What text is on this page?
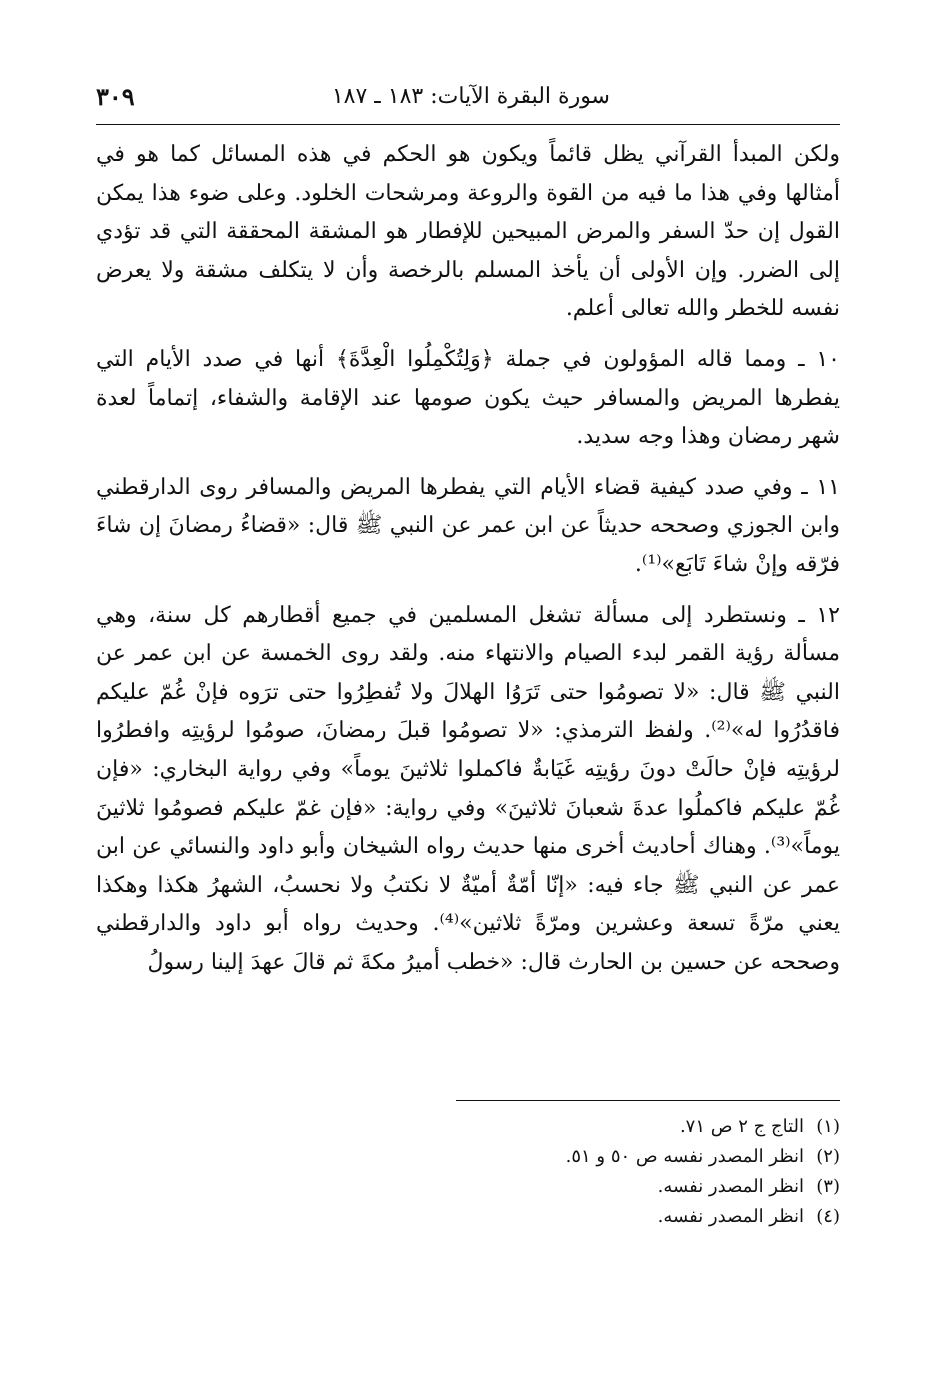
سورة البقرة الآيات: ١٨٣ ـ ١٨٧
٣٠٩

ولكن المبدأ القرآني يظل قائماً ويكون هو الحكم في هذه المسائل كما هو في أمثالها وفي هذا ما فيه من القوة والروعة ومرشحات الخلود. وعلى ضوء هذا يمكن القول إن حدّ السفر والمرض المبيحين للإفطار هو المشقة المحققة التي قد تؤدي إلى الضرر. وإن الأولى أن يأخذ المسلم بالرخصة وأن لا يتكلف مشقة ولا يعرض نفسه للخطر والله تعالى أعلم.

١٠ ـ ومما قاله المؤولون في جملة ﴿وَلِتُكْمِلُوا الْعِدَّةَ﴾ أنها في صدد الأيام التي يفطرها المريض والمسافر حيث يكون صومها عند الإقامة والشفاء، إتماماً لعدة شهر رمضان وهذا وجه سديد.

١١ ـ وفي صدد كيفية قضاء الأيام التي يفطرها المريض والمسافر روى الدارقطني وابن الجوزي وصححه حديثاً عن ابن عمر عن النبي ﷺ قال: «قضاءُ رمضانَ إن شاءَ فرّقه وإنْ شاءَ تَابَع»⁽¹⁾.

١٢ ـ ونستطرد إلى مسألة تشغل المسلمين في جميع أقطارهم كل سنة، وهي مسألة رؤية القمر لبدء الصيام والانتهاء منه. ولقد روى الخمسة عن ابن عمر عن النبي ﷺ قال: «لا تصومُوا حتى تَرَوُا الهلالَ ولا تُفطِرُوا حتى ترَوه فإنْ غُمّ عليكم فاقدُرُوا له»⁽²⁾. ولفظ الترمذي: «لا تصومُوا قبلَ رمضانَ، صومُوا لرؤيتِه وافطرُوا لرؤيتِه فإنْ حالَتْ دونَ رؤيتِه غَيَابةٌ فاكملوا ثلاثينَ يوماً» وفي رواية البخاري: «فإن غُمّ عليكم فاكملُوا عدةَ شعبانَ ثلاثينَ» وفي رواية: «فإن غمّ عليكم فصومُوا ثلاثينَ يوماً»⁽³⁾. وهناك أحاديث أخرى منها حديث رواه الشيخان وأبو داود والنسائي عن ابن عمر عن النبي ﷺ جاء فيه: «إنّا أمّةٌ أميّةٌ لا نكتبُ ولا نحسبُ، الشهرُ هكذا وهكذا يعني مرّةً تسعة وعشرين ومرّةً ثلاثين»⁽⁴⁾. وحديث رواه أبو داود والدارقطني وصححه عن حسين بن الحارث قال: «خطب أميرُ مكةَ ثم قالَ عهدَ إلينا رسولُ

(١)التاج ج ٢ ص ٧١.

(٢)انظر المصدر نفسه ص ٥٠ و ٥١.

(٣)انظر المصدر نفسه.

(٤)انظر المصدر نفسه.
